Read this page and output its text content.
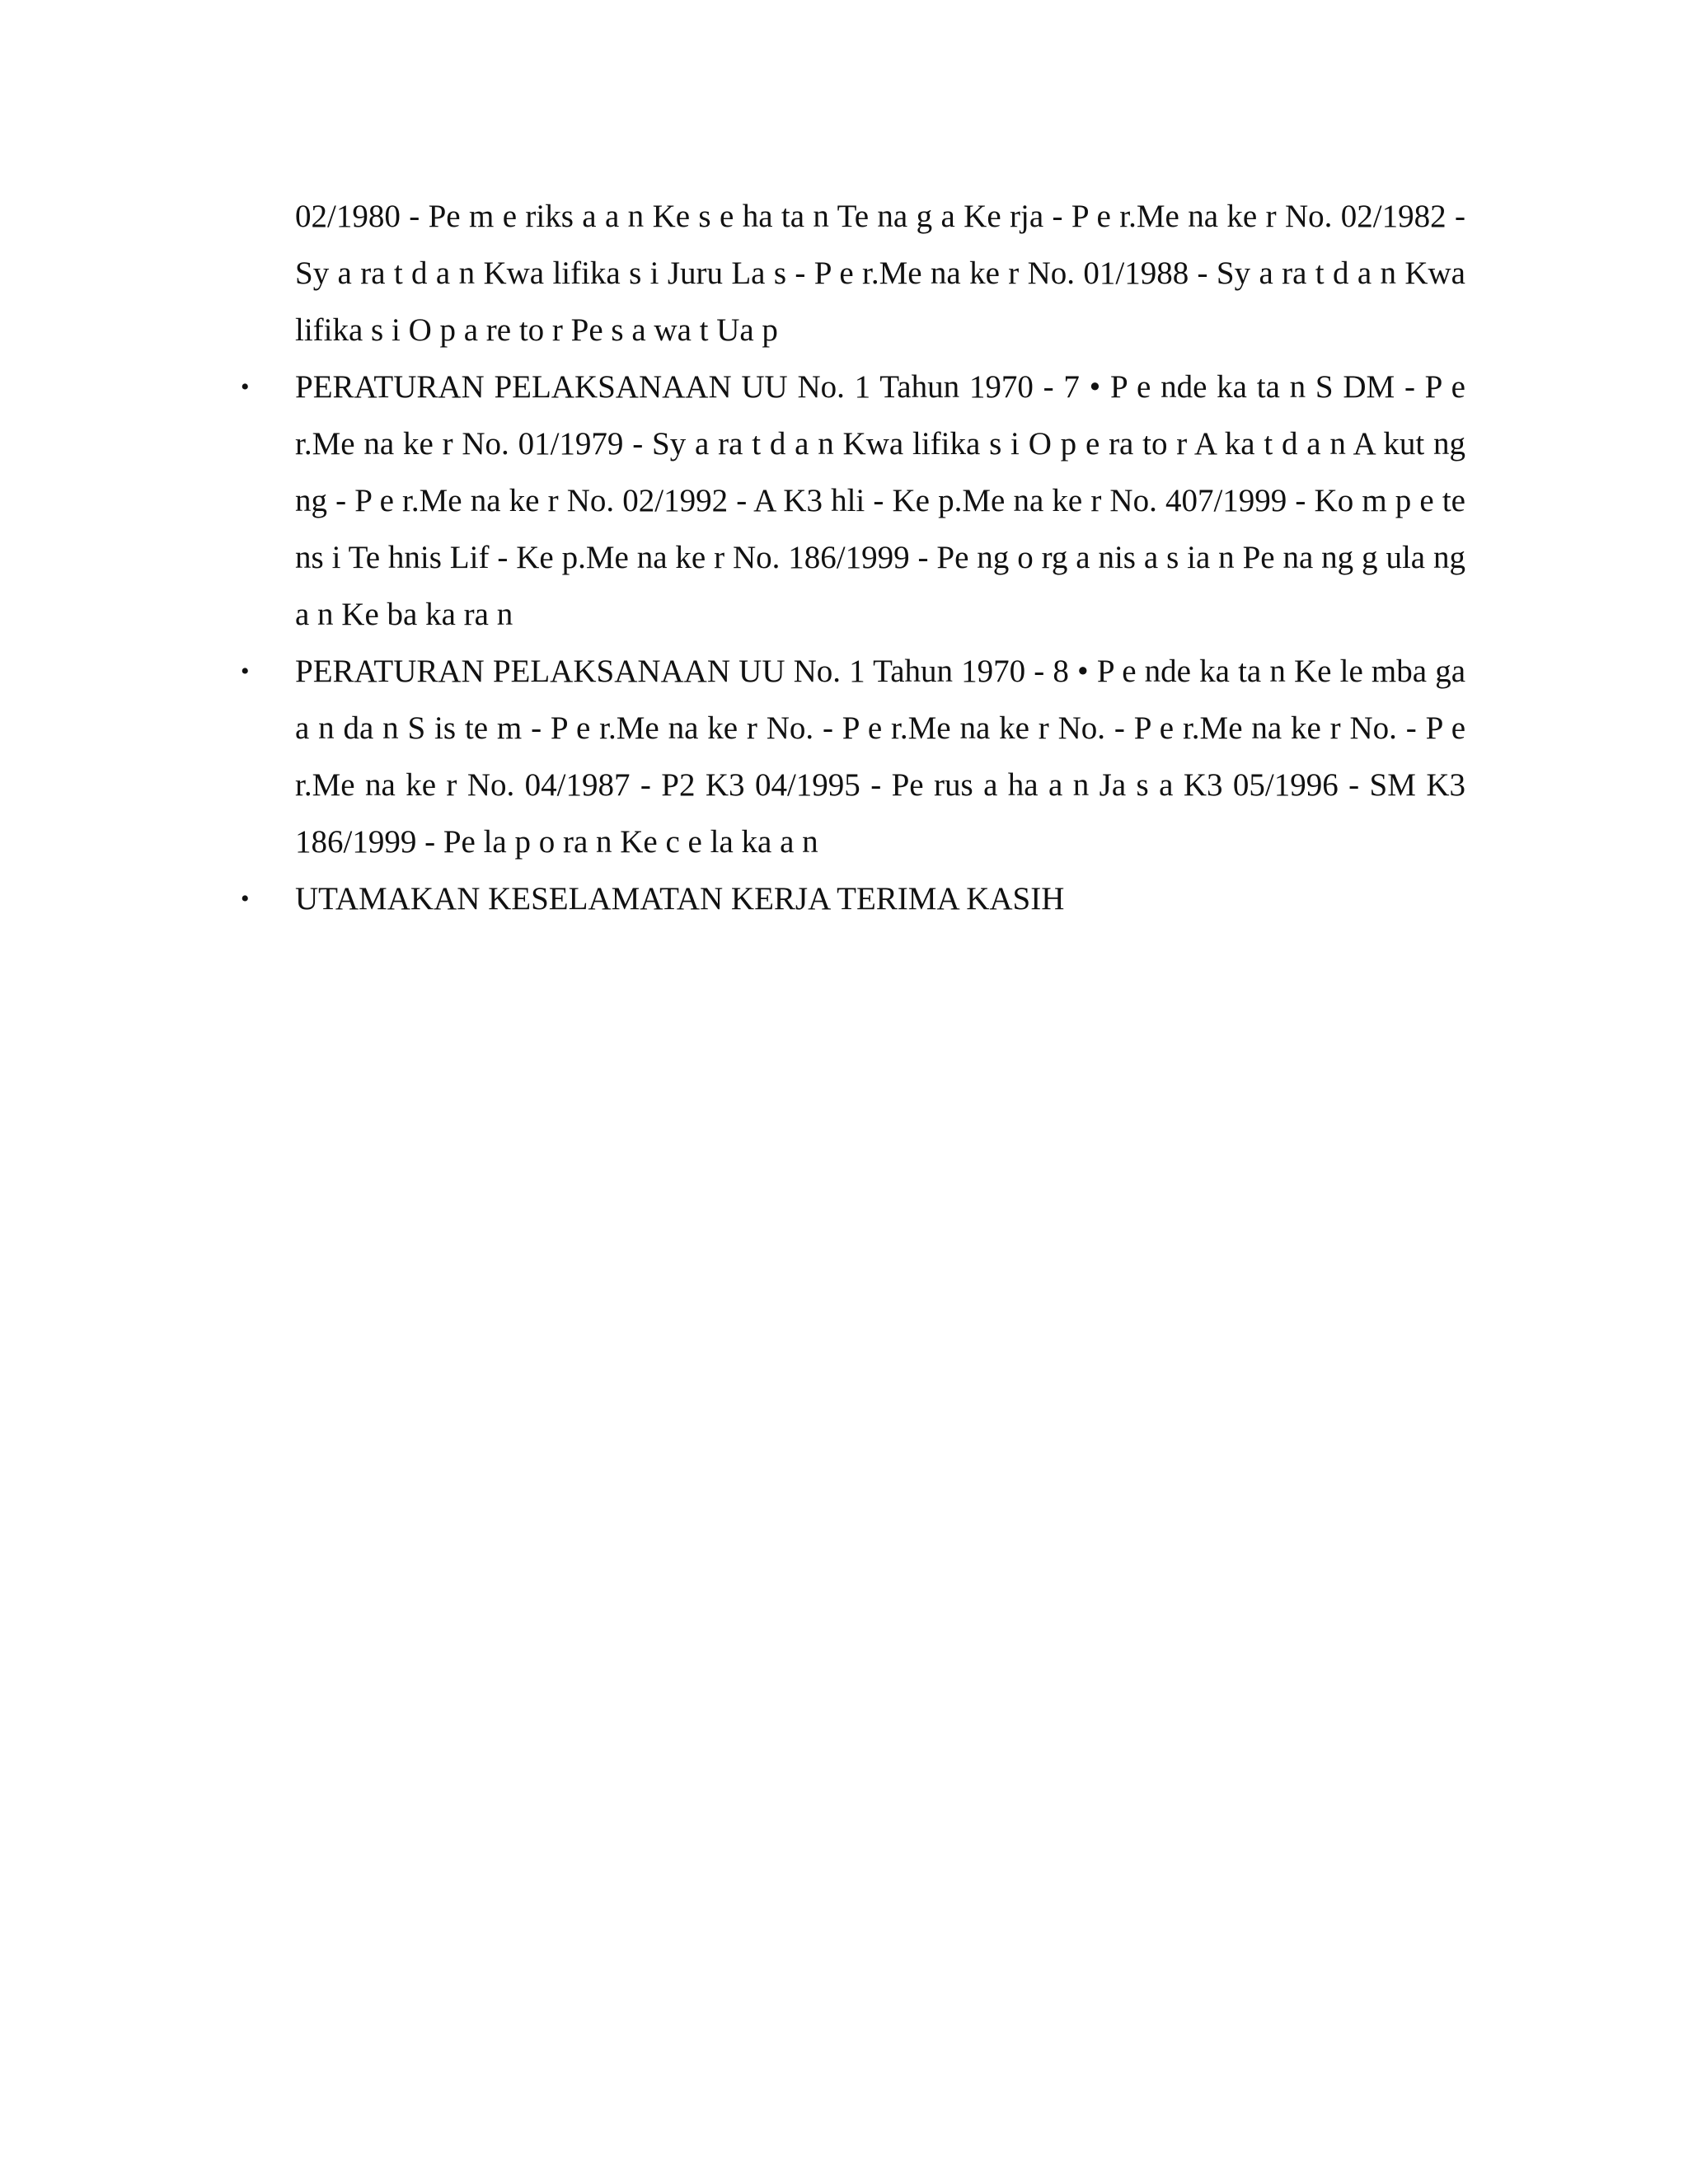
02/1980 - Pe m e riks a a n Ke s e ha ta n Te na g a Ke rja - P e r.Me na ke r No. 02/1982 - Sy a ra t d a n Kwa lifika s i Juru La s - P e r.Me na ke r No. 01/1988 - Sy a ra t d a n Kwa lifika s i O p a re to r Pe s a wa t Ua p

• PERATURAN PELAKSANAAN UU No. 1 Tahun 1970 - 7 • P e nde ka ta n S DM - P e r.Me na ke r No. 01/1979 - Sy a ra t d a n Kwa lifika s i O p e ra to r A ka t d a n A kut ng ng - P e r.Me na ke r No. 02/1992 - A K3 hli - Ke p.Me na ke r No. 407/1999 - Ko m p e te ns i Te hnis Lif - Ke p.Me na ke r No. 186/1999 - Pe ng o rg a nis a s ia n Pe na ng g ula ng a n Ke ba ka ra n
• PERATURAN PELAKSANAAN UU No. 1 Tahun 1970 - 8 • P e nde ka ta n Ke le mba ga a n da n S is te m - P e r.Me na ke r No. - P e r.Me na ke r No. - P e r.Me na ke r No. - P e r.Me na ke r No. 04/1987 - P2 K3 04/1995 - Pe rus a ha a n Ja s a K3 05/1996 - SM K3 186/1999 - Pe la p o ra n Ke c e la ka a n
• UTAMAKAN KESELAMATAN KERJA TERIMA KASIH
